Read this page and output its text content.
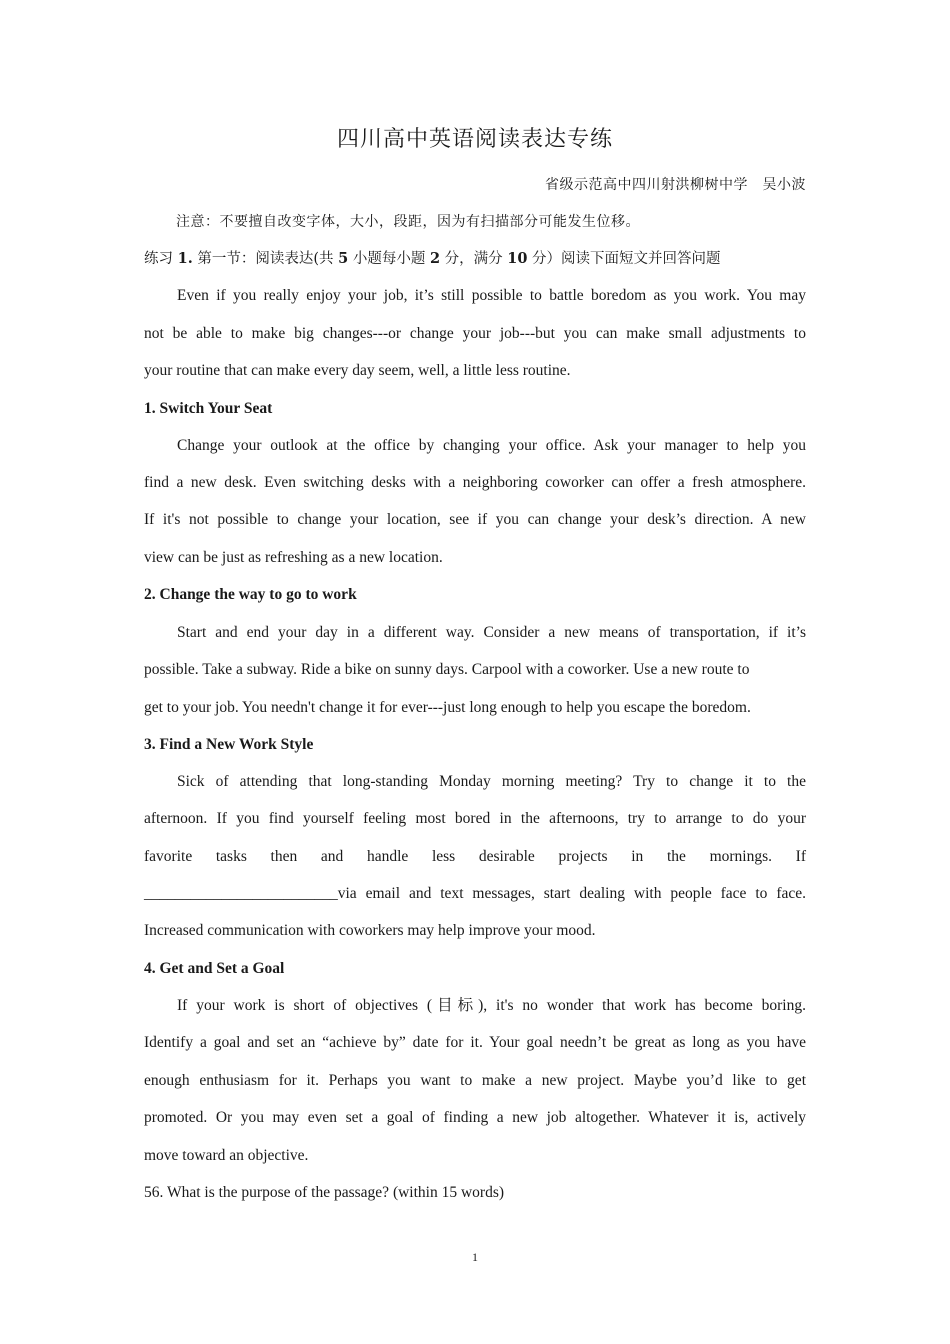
四川高中英语阅读表达专练
省级示范高中四川射洪柳树中学　吴小波
注意：不要擅自改变字体，大小，段距，因为有扫描部分可能发生位移。
练习 1. 第一节：阅读表达(共 5 小题每小题 2 分，满分 10 分）阅读下面短文并回答问题
Even if you really enjoy your job, it’s still possible to battle boredom as you work. You may
not be able to make big changes---or change your job---but you can make small adjustments to
your routine that can make every day seem, well, a little less routine.
1. Switch Your Seat
Change your outlook at the office by changing your office. Ask your manager to help you
find a new desk. Even switching desks with a neighboring coworker can offer a fresh atmosphere.
If it's not possible to change your location, see if you can change your desk’s direction. A new
view can be just as refreshing as a new location.
2. Change the way to go to work
Start and end your day in a different way. Consider a new means of transportation, if it’s
possible. Take a subway. Ride a bike on sunny days. Carpool with a coworker. Use a new route to
get to your job. You needn't change it for ever---just long enough to help you escape the boredom.
3. Find a New Work Style
Sick of attending that long-standing Monday morning meeting? Try to change it to the
afternoon. If you find yourself feeling most bored in the afternoons, try to arrange to do your
favorite tasks then and handle less desirable projects in the mornings. If
_________________________via email and text messages, start dealing with people face to face.
Increased communication with coworkers may help improve your mood.
4. Get and Set a Goal
If your work is short of objectives (目标), it's no wonder that work has become boring.
Identify a goal and set an “achieve by” date for it. Your goal needn’t be great as long as you have
enough enthusiasm for it. Perhaps you want to make a new project. Maybe you’d like to get
promoted. Or you may even set a goal of finding a new job altogether. Whatever it is, actively
move toward an objective.
56. What is the purpose of the passage? (within 15 words)
1
